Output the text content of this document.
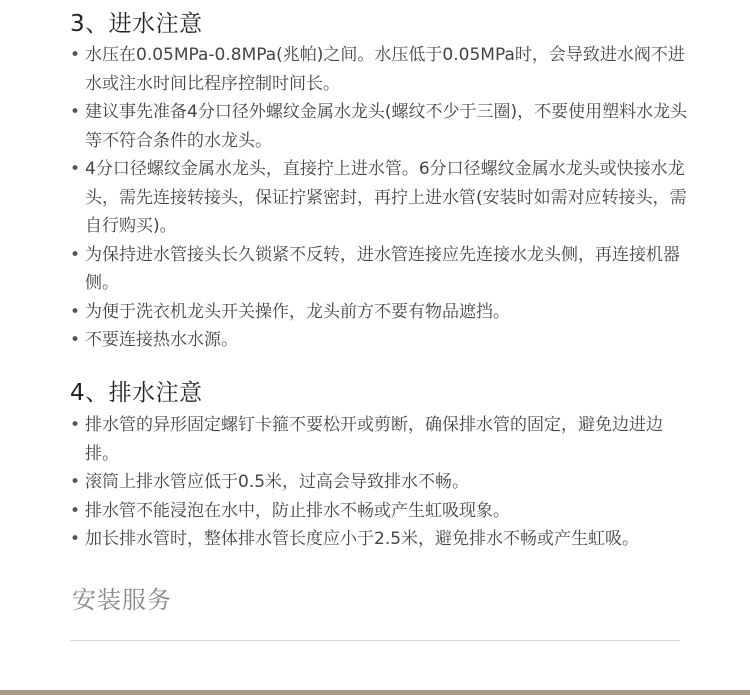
3、进水注意
• 水压在0.05MPa-0.8MPa(兆帕)之间。水压低于0.05MPa时，会导致进水阀不进水或注水时间比程序控制时间长。
• 建议事先准备4分口径外螺纹金属水龙头(螺纹不少于三圈)，不要使用塑料水龙头等不符合条件的水龙头。
• 4分口径螺纹金属水龙头，直接拧上进水管。6分口径螺纹金属水龙头或快接水龙头，需先连接转接头，保证拧紧密封，再拧上进水管(安装时如需对应转接头，需自行购买)。
• 为保持进水管接头长久锁紧不反转，进水管连接应先连接水龙头侧，再连接机器侧。
• 为便于洗衣机龙头开关操作，龙头前方不要有物品遮挡。
• 不要连接热水水源。
4、排水注意
• 排水管的异形固定螺钉卡箍不要松开或剪断，确保排水管的固定，避免边进边排。
• 滚筒上排水管应低于0.5米，过高会导致排水不畅。
• 排水管不能浸泡在水中，防止排水不畅或产生虹吸现象。
• 加长排水管时，整体排水管长度应小于2.5米，避免排水不畅或产生虹吸。
安装服务
